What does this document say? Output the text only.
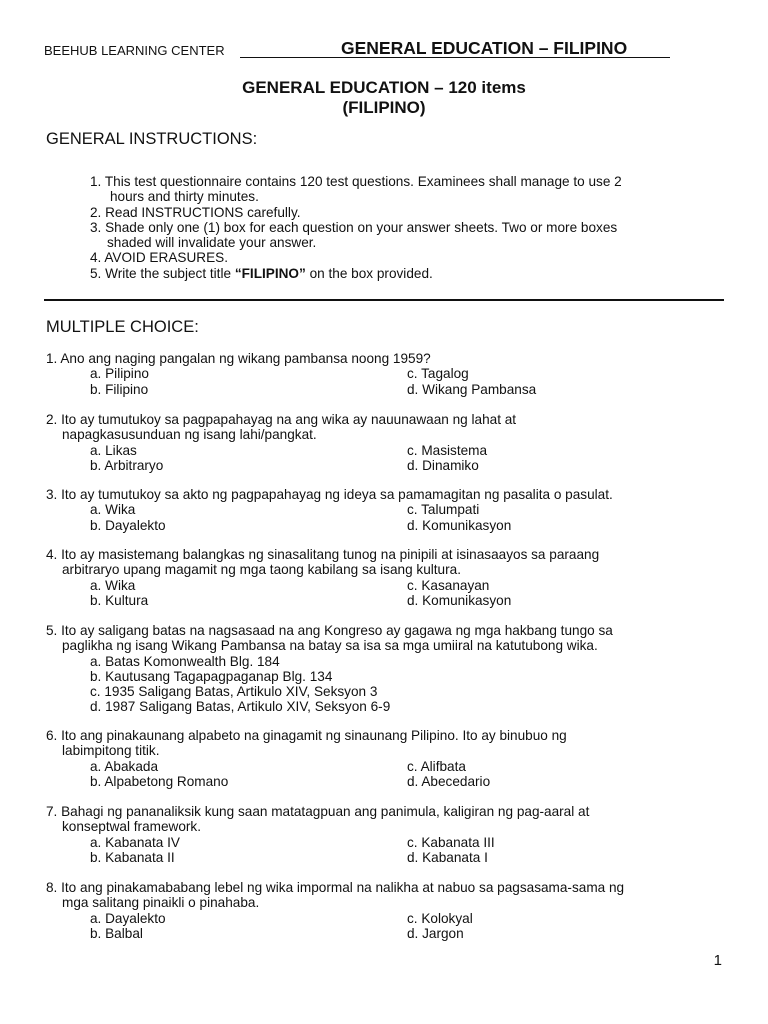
BEEHUB LEARNING CENTER	GENERAL EDUCATION – FILIPINO
GENERAL EDUCATION – 120 items
(FILIPINO)
GENERAL INSTRUCTIONS:
1. This test questionnaire contains 120 test questions. Examinees shall manage to use 2
hours and thirty minutes.
2. Read INSTRUCTIONS carefully.
3. Shade only one (1) box for each question on your answer sheets. Two or more boxes
shaded will invalidate your answer.
4. AVOID ERASURES.
5. Write the subject title “FILIPINO” on the box provided.
MULTIPLE CHOICE:
1. Ano ang naging pangalan ng wikang pambansa noong 1959?
a. Pilipino	c. Tagalog
b. Filipino	d. Wikang Pambansa
2. Ito ay tumutukoy sa pagpapahayag na ang wika ay nauunawaan ng lahat at
napagkasusunduan ng isang lahi/pangkat.
a. Likas	c. Masistema
b. Arbitraryo	d. Dinamiko
3. Ito ay tumutukoy sa akto ng pagpapahayag ng ideya sa pamamagitan ng pasalita o pasulat.
a. Wika	c. Talumpati
b. Dayalekto	d. Komunikasyon
4. Ito ay masistemang balangkas ng sinasalitang tunog na pinipili at isinasaayos sa paraang
arbitraryo upang magamit ng mga taong kabilang sa isang kultura.
a. Wika	c. Kasanayan
b. Kultura	d. Komunikasyon
5. Ito ay saligang batas na nagsasaad na ang Kongreso ay gagawa ng mga hakbang tungo sa
paglikha ng isang Wikang Pambansa na batay sa isa sa mga umiiral na katutubong wika.
a. Batas Komonwealth Blg. 184
b. Kautusang Tagapagpaganap Blg. 134
c. 1935 Saligang Batas, Artikulo XIV, Seksyon 3
d. 1987 Saligang Batas, Artikulo XIV, Seksyon 6-9
6. Ito ang pinakaunang alpabeto na ginagamit ng sinaunang Pilipino. Ito ay binubuo ng
labimpitong titik.
a. Abakada	c. Alifbata
b. Alpabetong Romano	d. Abecedario
7. Bahagi ng pananaliksik kung saan matatagpuan ang panimula, kaligiran ng pag-aaral at
konseptwal framework.
a. Kabanata IV	c. Kabanata III
b. Kabanata II	d. Kabanata I
8. Ito ang pinakamababang lebel ng wika impormal na nalikha at nabuo sa pagsasama-sama ng
mga salitang pinaikli o pinahaba.
a. Dayalekto	c. Kolokyal
b. Balbal	d. Jargon
1
